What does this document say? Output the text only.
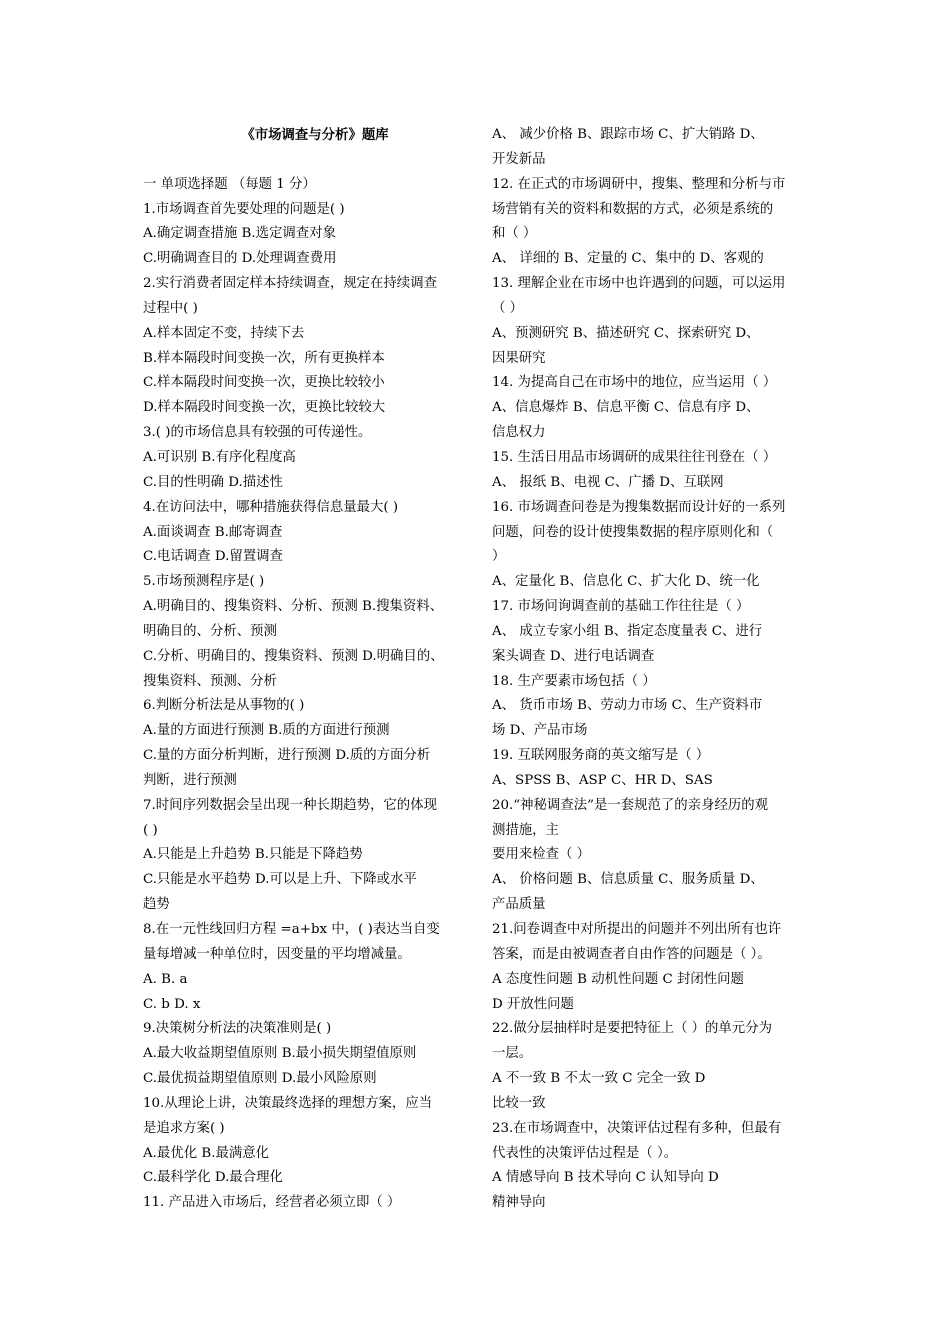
《市场调查与分析》题库
一 单项选择题 （每题 1 分）
1.市场调查首先要处理的问题是( )
A.确定调查措施 B.选定调查对象
C.明确调查目的 D.处理调查费用
2.实行消费者固定样本持续调查，规定在持续调查
过程中( )
A.样本固定不变，持续下去
B.样本隔段时间变换一次，所有更换样本
C.样本隔段时间变换一次，更换比较较小
D.样本隔段时间变换一次，更换比较较大
3.( )的市场信息具有较强的可传递性。
A.可识别 B.有序化程度高
C.目的性明确 D.描述性
4.在访问法中，哪种措施获得信息量最大( )
A.面谈调查 B.邮寄调查
C.电话调查 D.留置调查
5.市场预测程序是( )
A.明确目的、搜集资料、分析、预测 B.搜集资料、
明确目的、分析、预测
C.分析、明确目的、搜集资料、预测 D.明确目的、
搜集资料、预测、分析
6.判断分析法是从事物的( )
A.量的方面进行预测 B.质的方面进行预测
C.量的方面分析判断，进行预测 D.质的方面分析
判断，进行预测
7.时间序列数据会呈出现一种长期趋势，它的体现
( )
A.只能是上升趋势 B.只能是下降趋势
C.只能是水平趋势 D.可以是上升、下降或水平
趋势
8.在一元性线回归方程 =a+bx 中，( )表达当自变
量每增减一种单位时，因变量的平均增减量。
A. B. a
C. b D. x
9.决策树分析法的决策准则是( )
A.最大收益期望值原则 B.最小损失期望值原则
C.最优损益期望值原则 D.最小风险原则
10.从理论上讲，决策最终选择的理想方案，应当
是追求方案( )
A.最优化 B.最满意化
C.最科学化 D.最合理化
11. 产品进入市场后，经营者必须立即（ ）
A、 减少价格 B、跟踪市场 C、扩大销路 D、
开发新品
12. 在正式的市场调研中，搜集、整理和分析与市
场营销有关的资料和数据的方式，必须是系统的
和（ ）
A、 详细的 B、定量的 C、集中的 D、客观的
13. 理解企业在市场中也许遇到的问题，可以运用
（ ）
A、预测研究 B、描述研究 C、探索研究 D、
因果研究
14. 为提高自己在市场中的地位，应当运用（ ）
A、信息爆炸 B、信息平衡 C、信息有序 D、
信息权力
15. 生活日用品市场调研的成果往往刊登在（ ）
A、 报纸 B、电视 C、广播 D、互联网
16. 市场调查问卷是为搜集数据而设计好的一系列
问题，问卷的设计使搜集数据的程序原则化和（
）
A、定量化 B、信息化 C、扩大化 D、统一化
17. 市场问询调查前的基础工作往往是（ ）
A、 成立专家小组 B、指定态度量表 C、进行
案头调查 D、进行电话调查
18. 生产要素市场包括（ ）
A、 货币市场 B、劳动力市场 C、生产资料市
场 D、产品市场
19. 互联网服务商的英文缩写是（ ）
A、SPSS B、ASP C、HR D、SAS
20.“神秘调查法”是一套规范了的亲身经历的观
测措施，主
要用来检查（ ）
A、 价格问题 B、信息质量 C、服务质量 D、
产品质量
21.问卷调查中对所提出的问题并不列出所有也许
答案，而是由被调查者自由作答的问题是（ ）。
A 态度性问题 B 动机性问题 C 封闭性问题
D 开放性问题
22.做分层抽样时是要把特征上（ ）的单元分为
一层。
A 不一致 B 不太一致 C 完全一致 D
比较一致
23.在市场调查中，决策评估过程有多种，但最有
代表性的决策评估过程是（ ）。
A 情感导向 B 技术导向 C 认知导向 D
精神导向
